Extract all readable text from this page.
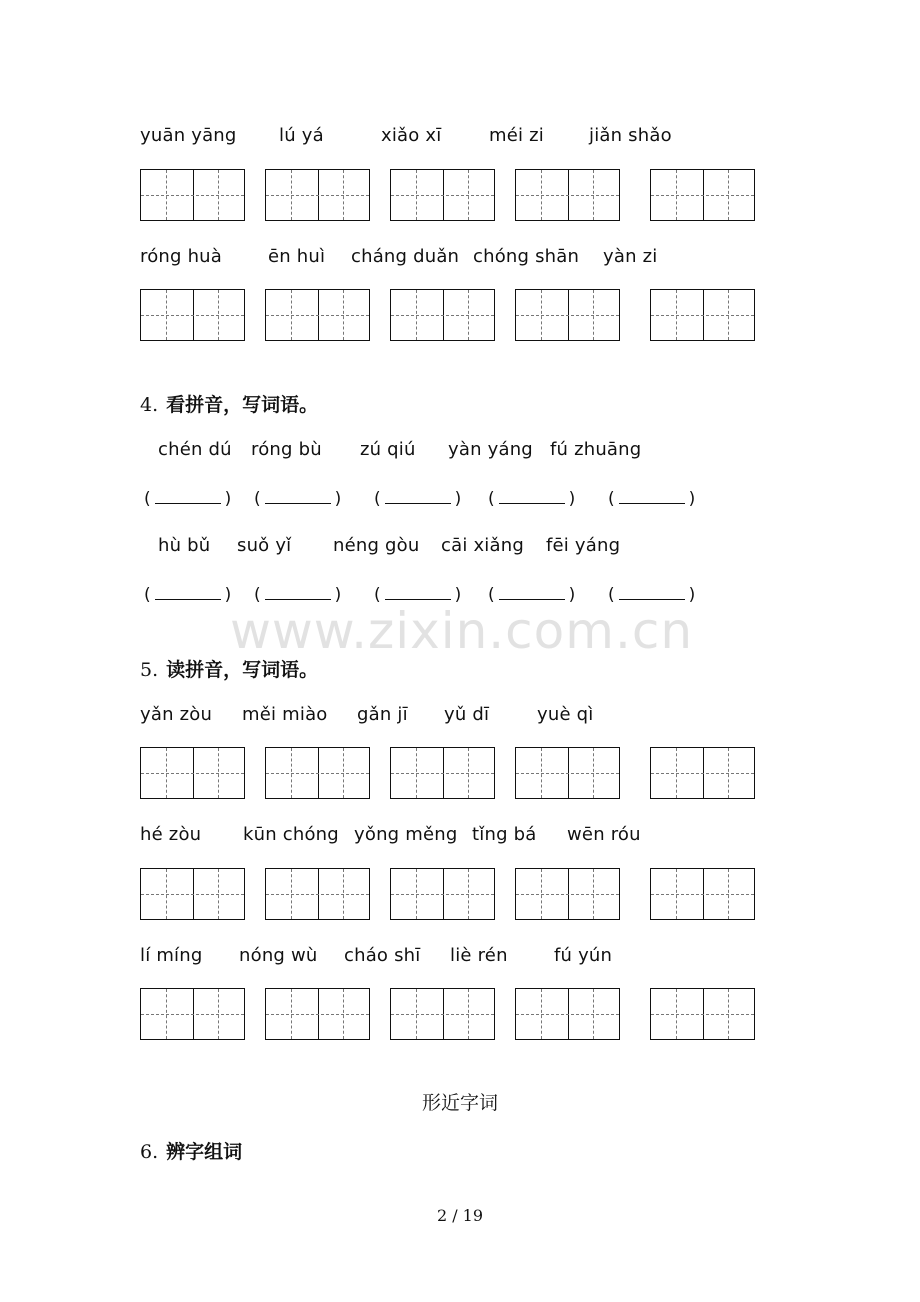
yuān yāng lú yá	xiǎo xī	méi zi	jiǎn shǎo
róng huà	ēn huì cháng duǎn chóng shān yàn zi
4. 看拼音，写词语。
chén dú róng bù zú qiú yàn yáng fú zhuāng
(	) (	) (	) (	) (	)
hù bǔ suǒ yǐ néng gòu cāi xiǎng fēi yáng
(	) (	) (	) (	) (	)
www.zixin.com.cn
5. 读拼音，写词语。
yǎn zòu měi miào gǎn jī yǔ dī	yuè qì
hé zòu kūn chóng yǒng měng tǐng bá wēn róu
lí míng nóng wù cháo shī liè rén	fú yún
形近字词
6. 辨字组词
2 / 19
